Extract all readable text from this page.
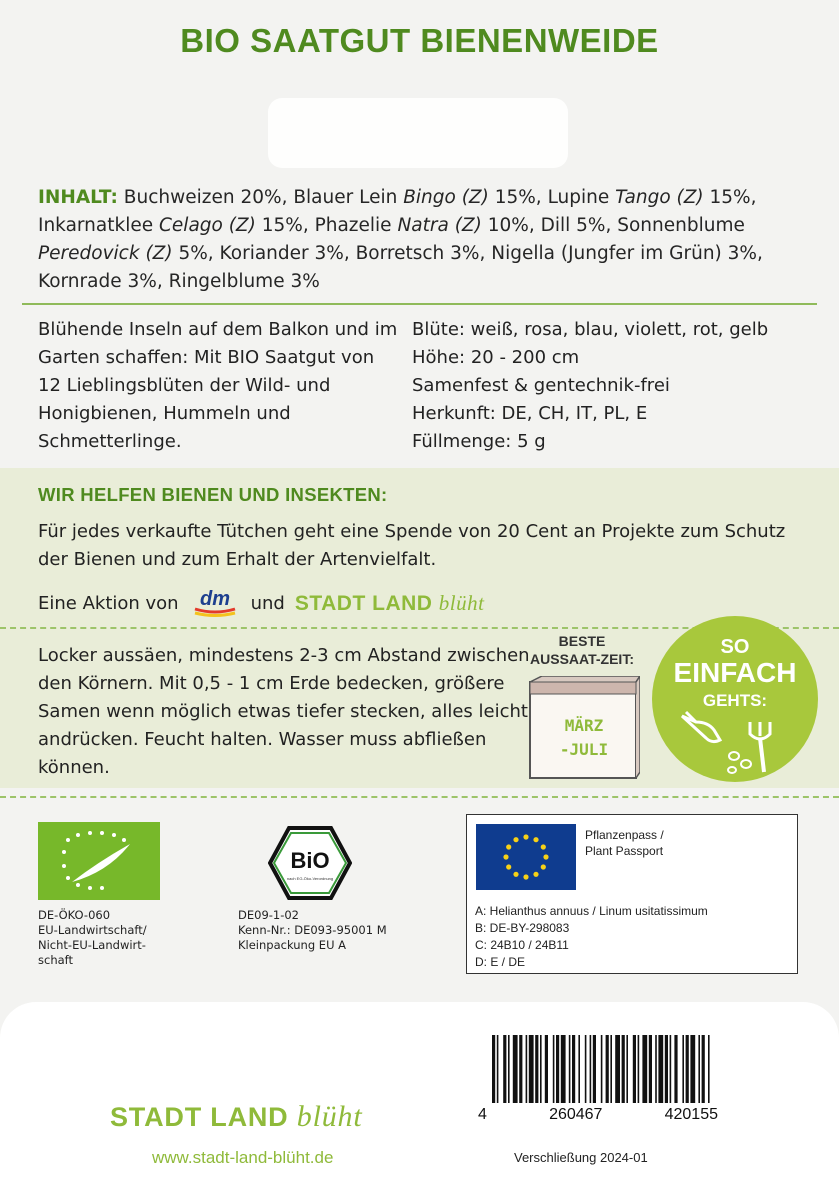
BIO SAATGUT BIENENWEIDE
INHALT: Buchweizen 20%, Blauer Lein Bingo (Z) 15%, Lupine Tango (Z) 15%, Inkarnatklee Celago (Z) 15%, Phazelie Natra (Z) 10%, Dill 5%, Sonnenblume Peredovick (Z) 5%, Koriander 3%, Borretsch 3%, Nigella (Jungfer im Grün) 3%, Kornrade 3%, Ringelblume 3%
Blühende Inseln auf dem Balkon und im Garten schaffen: Mit BIO Saatgut von 12 Lieblingsblüten der Wild- und Honigbienen, Hummeln und Schmetterlinge.
Blüte: weiß, rosa, blau, violett, rot, gelb
Höhe: 20 - 200 cm
Samenfest & gentechnik-frei
Herkunft: DE, CH, IT, PL, E
Füllmenge: 5 g
WIR HELFEN BIENEN UND INSEKTEN:
Für jedes verkaufte Tütchen geht eine Spende von 20 Cent an Projekte zum Schutz der Bienen und zum Erhalt der Artenvielfalt.
Eine Aktion von dm und STADT LAND blüht
Locker aussäen, mindestens 2-3 cm Abstand zwischen den Körnern. Mit 0,5 - 1 cm Erde bedecken, größere Samen wenn möglich etwas tiefer stecken, alles leicht andrücken. Feucht halten. Wasser muss abfließen können.
BESTE
AUSSAAT-ZEIT:
MÄRZ
-JULI
SO
EINFACH
GEHTS:
DE-ÖKO-060
EU-Landwirtschaft/
Nicht-EU-Landwirt-
schaft
BiO
nach EG-Öko-Verordnung
DE09-1-02
Kenn-Nr.: DE093-95001 M
Kleinpackung EU A
Pflanzenpass /
Plant Passport
A: Helianthus annuus / Linum usitatissimum
B: DE-BY-298083
C: 24B10 / 24B11
D: E / DE
STADT LAND blüht
www.stadt-land-blüht.de
4	260467	420155
Verschließung 2024-01
